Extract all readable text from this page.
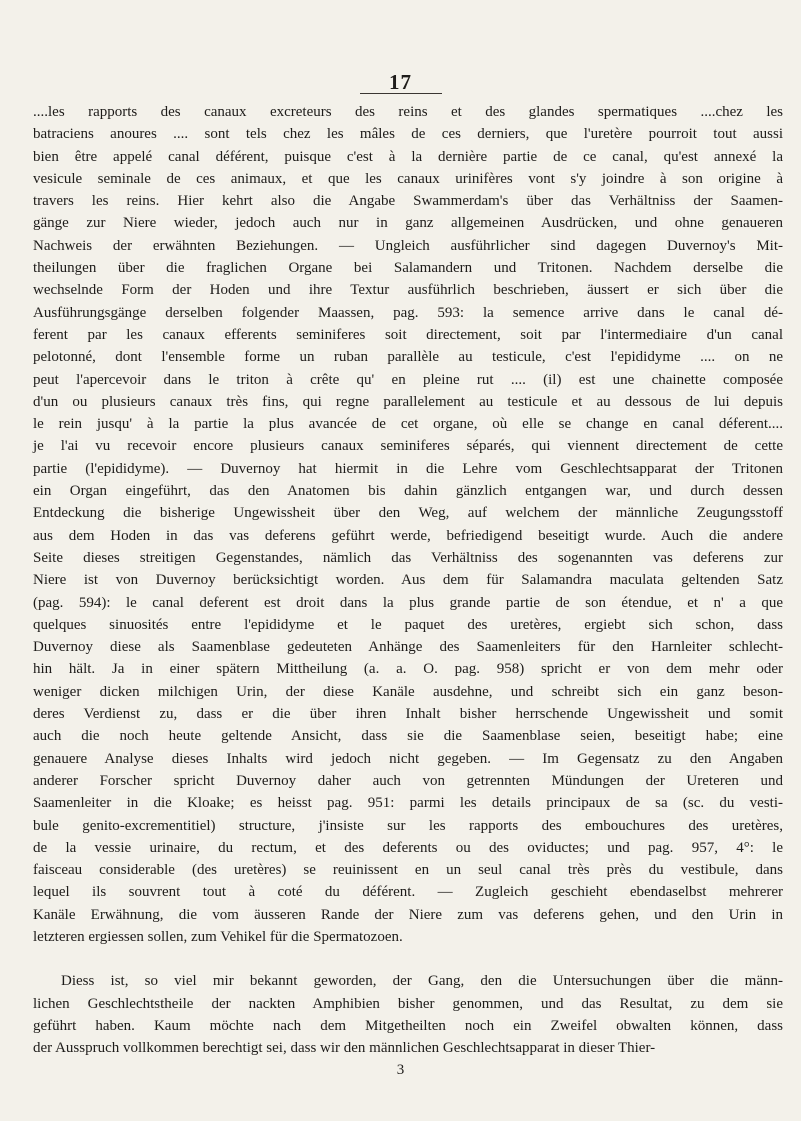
17
....les rapports des canaux excreteurs des reins et des glandes spermatiques ....chez les
batraciens anoures .... sont tels chez les mâles de ces derniers, que l'uretère pourroit tout aussi
bien être appelé canal déférent, puisque c'est à la dernière partie de ce canal, qu'est annexé la
vesicule seminale de ces animaux, et que les canaux urinifères vont s'y joindre à son origine à
travers les reins. Hier kehrt also die Angabe Swammerdam's über das Verhältniss der Saamen-
gänge zur Niere wieder, jedoch auch nur in ganz allgemeinen Ausdrücken, und ohne genaueren
Nachweis der erwähnten Beziehungen. — Ungleich ausführlicher sind dagegen Duvernoy's Mit-
theilungen über die fraglichen Organe bei Salamandern und Tritonen. Nachdem derselbe die
wechselnde Form der Hoden und ihre Textur ausführlich beschrieben, äussert er sich über die
Ausführungsgänge derselben folgender Maassen, pag. 593: la semence arrive dans le canal dé-
ferent par les canaux efferents seminiferes soit directement, soit par l'intermediaire d'un canal
pelotonné, dont l'ensemble forme un ruban parallèle au testicule, c'est l'epididyme .... on ne
peut l'apercevoir dans le triton à crête qu' en pleine rut .... (il) est une chainette composée
d'un ou plusieurs canaux très fins, qui regne parallelement au testicule et au dessous de lui depuis
le rein jusqu' à la partie la plus avancée de cet organe, où elle se change en canal déferent....
je l'ai vu recevoir encore plusieurs canaux seminiferes séparés, qui viennent directement de cette
partie (l'epididyme). — Duvernoy hat hiermit in die Lehre vom Geschlechtsapparat der Tritonen
ein Organ eingeführt, das den Anatomen bis dahin gänzlich entgangen war, und durch dessen
Entdeckung die bisherige Ungewissheit über den Weg, auf welchem der männliche Zeugungsstoff
aus dem Hoden in das vas deferens geführt werde, befriedigend beseitigt wurde. Auch die andere
Seite dieses streitigen Gegenstandes, nämlich das Verhältniss des sogenannten vas deferens zur
Niere ist von Duvernoy berücksichtigt worden. Aus dem für Salamandra maculata geltenden Satz
(pag. 594): le canal deferent est droit dans la plus grande partie de son étendue, et n' a que
quelques sinuosités entre l'epididyme et le paquet des uretères, ergiebt sich schon, dass
Duvernoy diese als Saamenblase gedeuteten Anhänge des Saamenleiters für den Harnleiter schlecht-
hin hält. Ja in einer spätern Mittheilung (a. a. O. pag. 958) spricht er von dem mehr oder
weniger dicken milchigen Urin, der diese Kanäle ausdehne, und schreibt sich ein ganz beson-
deres Verdienst zu, dass er die über ihren Inhalt bisher herrschende Ungewissheit und somit
auch die noch heute geltende Ansicht, dass sie die Saamenblase seien, beseitigt habe; eine
genauere Analyse dieses Inhalts wird jedoch nicht gegeben. — Im Gegensatz zu den Angaben
anderer Forscher spricht Duvernoy daher auch von getrennten Mündungen der Ureteren und
Saamenleiter in die Kloake; es heisst pag. 951: parmi les details principaux de sa (sc. du vesti-
bule genito-excrementitiel) structure, j'insiste sur les rapports des embouchures des uretères,
de la vessie urinaire, du rectum, et des deferents ou des oviductes; und pag. 957, 4°: le
faisceau considerable (des uretères) se reuinissent en un seul canal très près du vestibule, dans
lequel ils souvrent tout à coté du déférent. — Zugleich geschieht ebendaselbst mehrerer
Kanäle Erwähnung, die vom äusseren Rande der Niere zum vas deferens gehen, und den Urin in
letzteren ergiessen sollen, zum Vehikel für die Spermatozoen.
Diess ist, so viel mir bekannt geworden, der Gang, den die Untersuchungen über die männ-
lichen Geschlechtstheile der nackten Amphibien bisher genommen, und das Resultat, zu dem sie
geführt haben. Kaum möchte nach dem Mitgetheilten noch ein Zweifel obwalten können, dass
der Ausspruch vollkommen berechtigt sei, dass wir den männlichen Geschlechtsapparat in dieser Thier-
3
